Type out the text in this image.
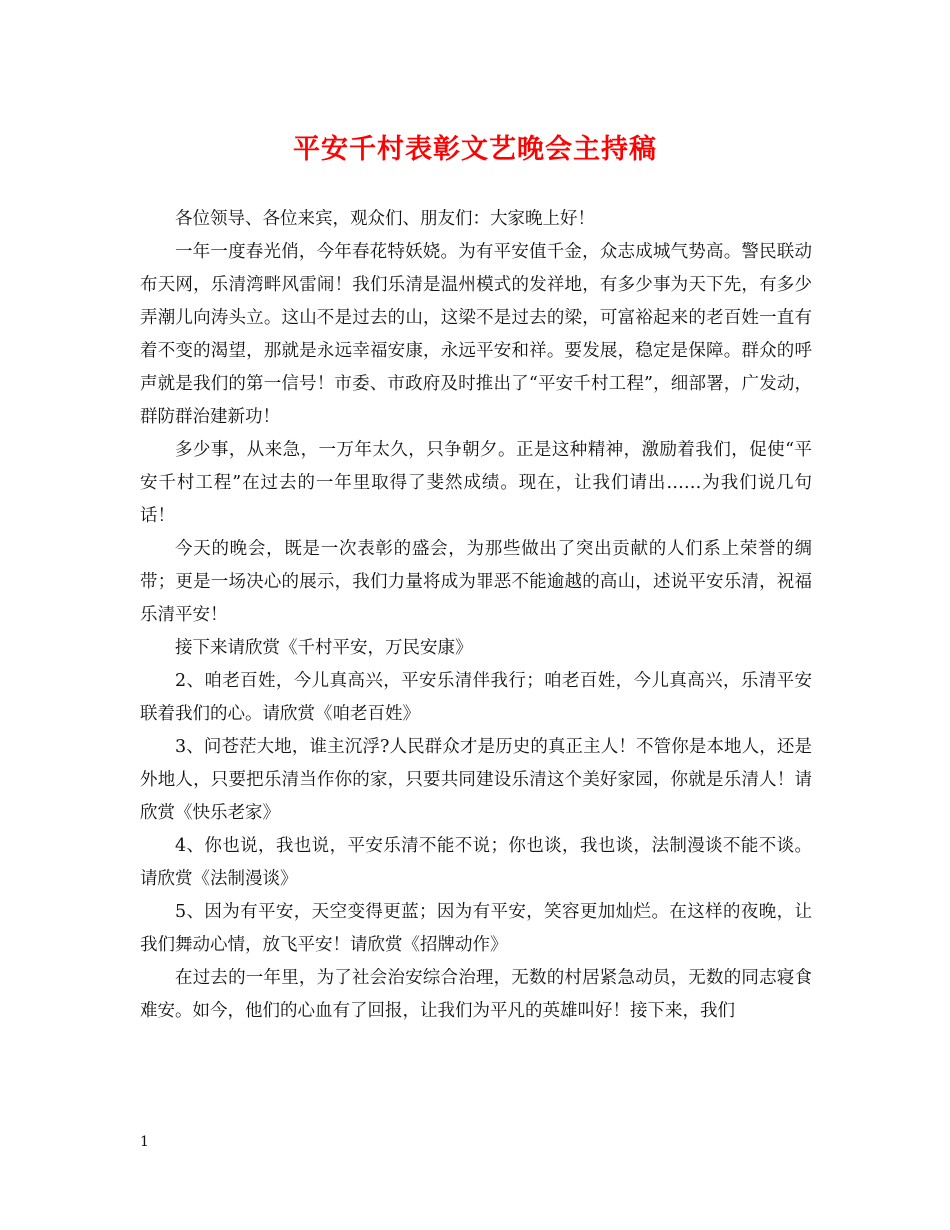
平安千村表彰文艺晚会主持稿

各位领导、各位来宾，观众们、朋友们：大家晚上好！

一年一度春光俏，今年春花特妖娆。为有平安值千金，众志成城气势高。警民联动布天网，乐清湾畔风雷闹！我们乐清是温州模式的发祥地，有多少事为天下先，有多少弄潮儿向涛头立。这山不是过去的山，这梁不是过去的梁，可富裕起来的老百姓一直有着不变的渴望，那就是永远幸福安康，永远平安和祥。要发展，稳定是保障。群众的呼声就是我们的第一信号！市委、市政府及时推出了“平安千村工程”，细部署，广发动，群防群治建新功！

多少事，从来急，一万年太久，只争朝夕。正是这种精神，激励着我们，促使“平安千村工程”在过去的一年里取得了斐然成绩。现在，让我们请出……为我们说几句话！

今天的晚会，既是一次表彰的盛会，为那些做出了突出贡献的人们系上荣誉的绸带；更是一场决心的展示，我们力量将成为罪恶不能逾越的高山，述说平安乐清，祝福乐清平安！

接下来请欣赏《千村平安，万民安康》

2、咱老百姓，今儿真高兴，平安乐清伴我行；咱老百姓，今儿真高兴，乐清平安联着我们的心。请欣赏《咱老百姓》

3、问苍茫大地，谁主沉浮?人民群众才是历史的真正主人！不管你是本地人，还是外地人，只要把乐清当作你的家，只要共同建设乐清这个美好家园，你就是乐清人！请欣赏《快乐老家》

4、你也说，我也说，平安乐清不能不说；你也谈，我也谈，法制漫谈不能不谈。请欣赏《法制漫谈》

5、因为有平安，天空变得更蓝；因为有平安，笑容更加灿烂。在这样的夜晚，让我们舞动心情，放飞平安！请欣赏《招牌动作》

在过去的一年里，为了社会治安综合治理，无数的村居紧急动员，无数的同志寝食难安。如今，他们的心血有了回报，让我们为平凡的英雄叫好！接下来，我们

1
